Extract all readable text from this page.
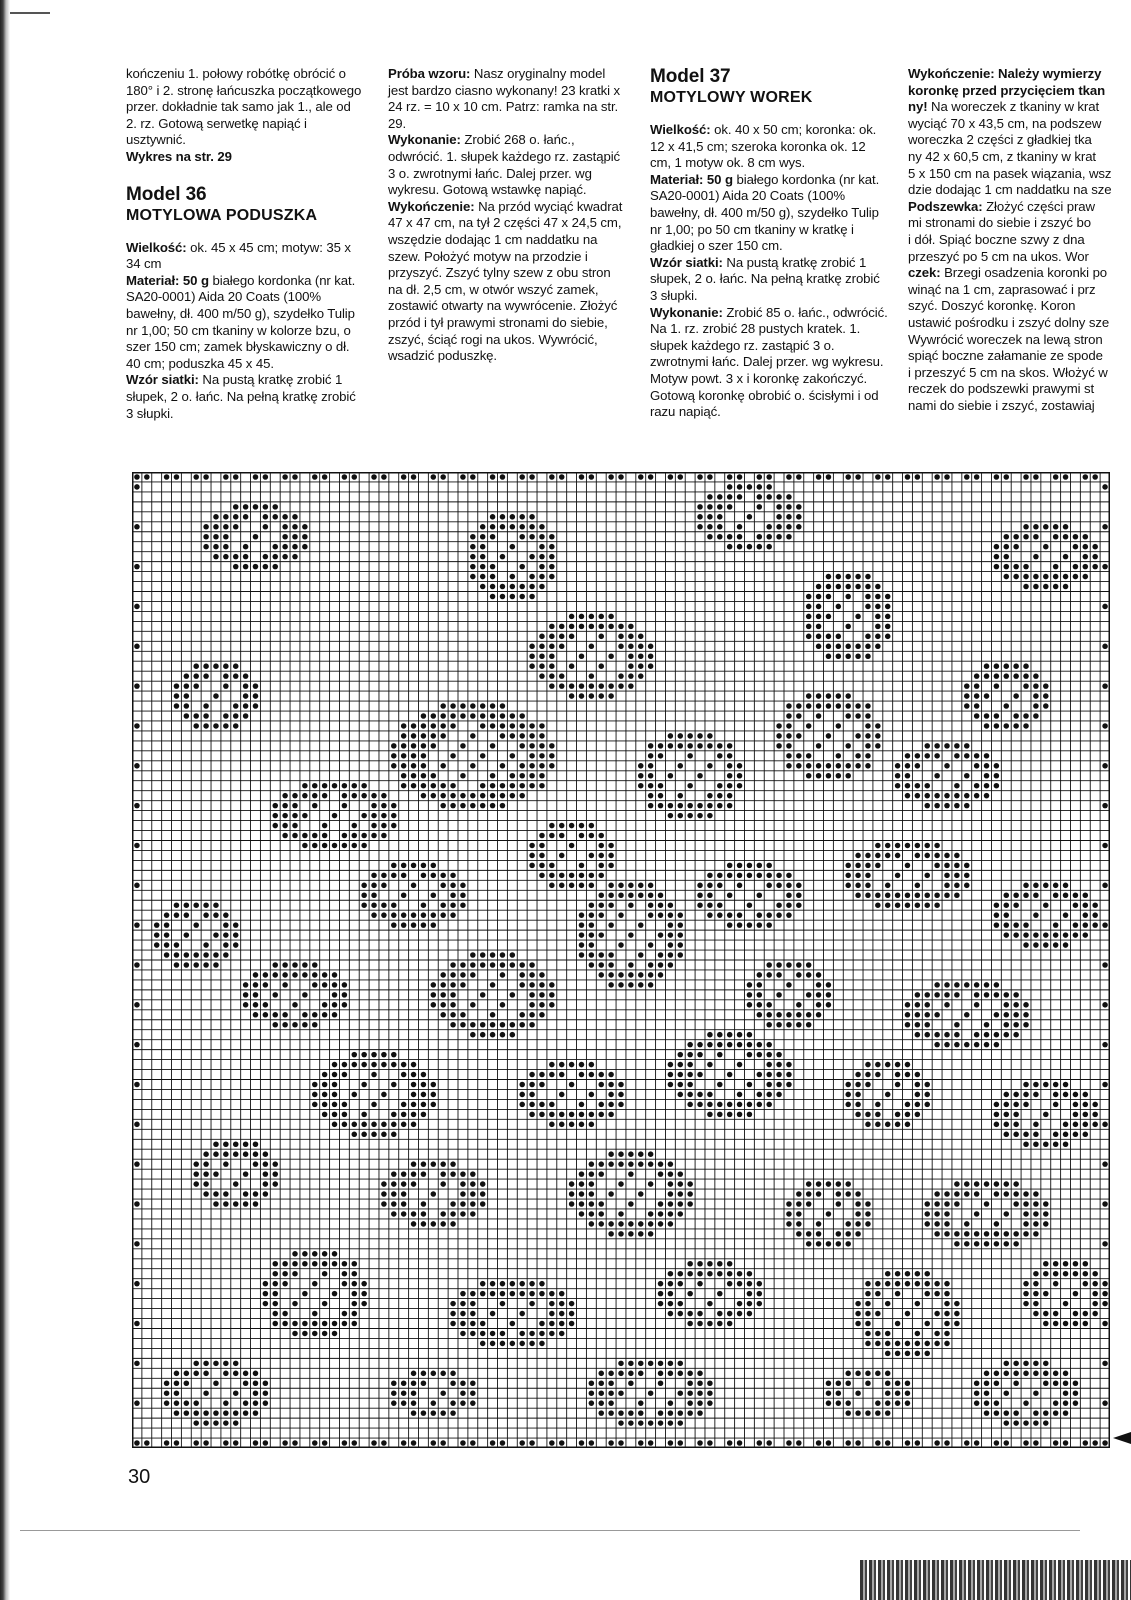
kończeniu 1. połowy robótkę obrócić o 180° i 2. stronę łańcuszka początkowego przer. dokładnie tak samo jak 1., ale od 2. rz. Gotową serwetkę napiąć i usztywnić.

Wykres na str. 29

Model 36
MOTYLOWA PODUSZKA

Wielkość: ok. 45 x 45 cm; motyw: 35 x 34 cm

Materiał: 50 g białego kordonka (nr kat. SA20-0001) Aida 20 Coats (100% bawełny, dł. 400 m/50 g), szydełko Tulip nr 1,00; 50 cm tkaniny w kolorze bzu, o szer 150 cm; zamek błyskawiczny o dł. 40 cm; poduszka 45 x 45.

Wzór siatki: Na pustą kratkę zrobić 1 słupek, 2 o. łańc. Na pełną kratkę zrobić 3 słupki.

Próba wzoru: Nasz oryginalny model jest bardzo ciasno wykonany! 23 kratki x 24 rz. = 10 x 10 cm. Patrz: ramka na str. 29.

Wykonanie: Zrobić 268 o. łańc., odwrócić. 1. słupek każdego rz. zastąpić 3 o. zwrotnymi łańc. Dalej przer. wg wykresu. Gotową wstawkę napiąć.

Wykończenie: Na przód wyciąć kwadrat 47 x 47 cm, na tył 2 części 47 x 24,5 cm, wszędzie dodając 1 cm naddatku na szew. Położyć motyw na przodzie i przyszyć. Zszyć tylny szew z obu stron na dł. 2,5 cm, w otwór wszyć zamek, zostawić otwarty na wywrócenie. Złożyć przód i tył prawymi stronami do siebie, zszyć, ściąć rogi na ukos. Wywrócić, wsadzić poduszkę.

Model 37
MOTYLOWY WOREK

Wielkość: ok. 40 x 50 cm; koronka: ok. 12 x 41,5 cm; szeroka koronka ok. 12 cm, 1 motyw ok. 8 cm wys.

Materiał: 50 g białego kordonka (nr kat. SA20-0001) Aida 20 Coats (100% bawełny, dł. 400 m/50 g), szydełko Tulip nr 1,00; po 50 cm tkaniny w kratkę i gładkiej o szer 150 cm.

Wzór siatki: Na pustą kratkę zrobić 1 słupek, 2 o. łańc. Na pełną kratkę zrobić 3 słupki.

Wykonanie: Zrobić 85 o. łańc., odwrócić. Na 1. rz. zrobić 28 pustych kratek. 1. słupek każdego rz. zastąpić 3 o. zwrotnymi łańc. Dalej przer. wg wykresu. Motyw powt. 3 x i koronkę zakończyć. Gotową koronkę obrobić o. ścisłymi i od razu napiąć.

Wykończenie: Należy wymierzy
koronkę przed przycięciem tkan
ny! Na woreczek z tkaniny w krat
wyciąć 70 x 43,5 cm, na podszew
woreczka 2 części z gładkiej tka
ny 42 x 60,5 cm, z tkaniny w krat
5 x 150 cm na pasek wiązania, wsz
dzie dodając 1 cm naddatku na sze
Podszewka: Złożyć części praw
mi stronami do siebie i zszyć bo
i dół. Spiąć boczne szwy z dna
przeszyć po 5 cm na ukos. Wor
czek: Brzegi osadzenia koronki po
winąć na 1 cm, zaprasować i prz
szyć. Doszyć koronkę. Koron
ustawić pośrodku i zszyć dolny sze
Wywrócić woreczek na lewą stron
spiąć boczne załamanie ze spode
i przeszyć 5 cm na skos. Włożyć w
reczek do podszewki prawymi st
nami do siebie i zszyć, zostawiaj
30
